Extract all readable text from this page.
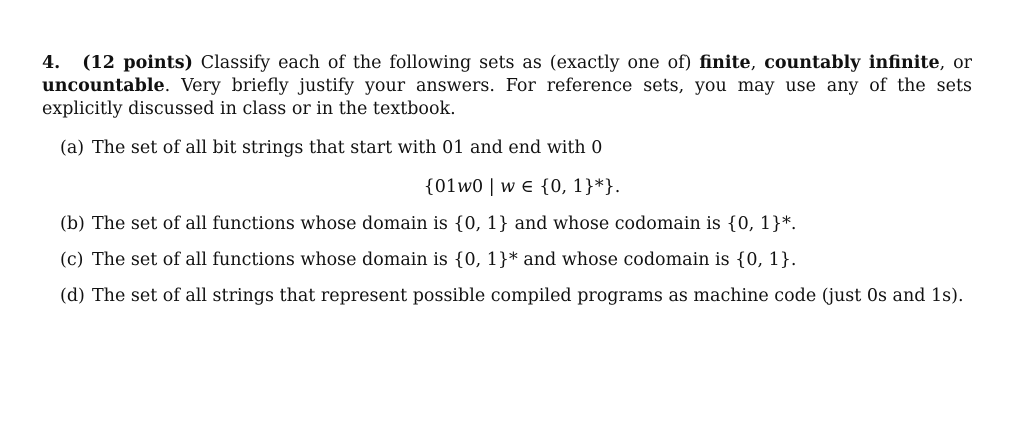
4. (12 points) Classify each of the following sets as (exactly one of) finite, countably infinite, or uncountable. Very briefly justify your answers. For reference sets, you may use any of the sets explicitly discussed in class or in the textbook.

(a) The set of all bit strings that start with 01 and end with 0
{01w0 | w ∈ {0, 1}*}.
(b) The set of all functions whose domain is {0, 1} and whose codomain is {0, 1}*.
(c) The set of all functions whose domain is {0, 1}* and whose codomain is {0, 1}.
(d) The set of all strings that represent possible compiled programs as machine code (just 0s and 1s).
